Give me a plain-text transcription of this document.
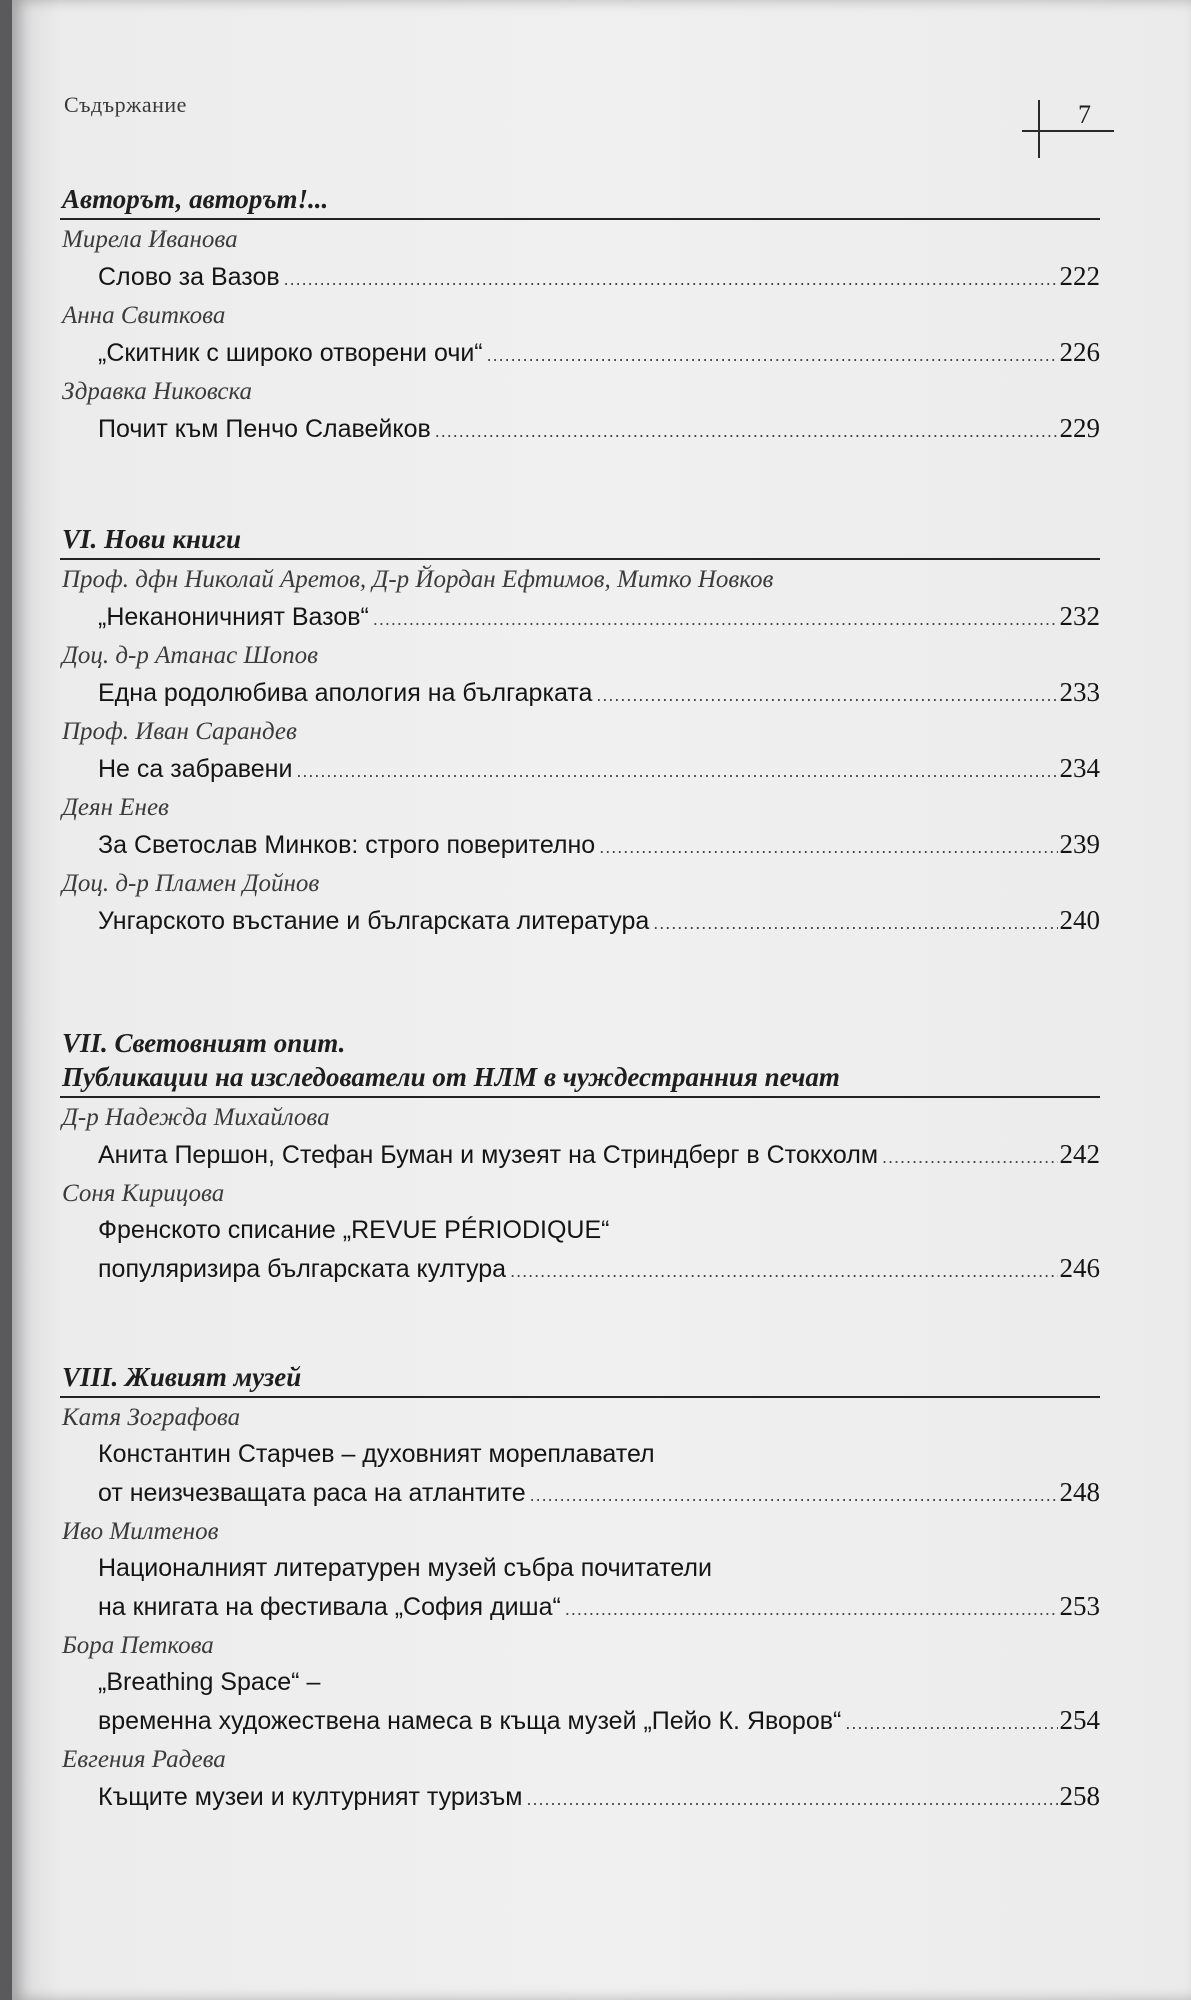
Съдържание	7
Авторът, авторът!...
Мирела Иванова
Слово за Вазов .....	222
Анна Свиткова
„Скитник с широко отворени очи“ .....	226
Здравка Никовска
Почит към Пенчо Славейков .....	229
VI. Нови книги
Проф. дфн Николай Аретов, Д-р Йордан Ефтимов, Митко Новков
„Неканоничният Вазов“ .....	232
Доц. д-р Атанас Шопов
Една родолюбива апология на българката .....	233
Проф. Иван Сарандев
Не са забравени .....	234
Деян Енев
За Светослав Минков: строго поверително .....	239
Доц. д-р Пламен Дойнов
Унгарското въстание и българската литература .....	240
VII. Световният опит.
Публикации на изследователи от НЛМ в чуждестранния печат
Д-р Надежда Михайлова
Анита Першон, Стефан Буман и музеят на Стриндберг в Стокхолм .....	242
Соня Кирицова
Френското списание „REVUE PÉRIODIQUE“
популяризира българската култура .....	246
VIII. Живият музей
Катя Зографова
Константин Старчев – духовният мореплавател
от неизчезващата раса на атлантите .....	248
Иво Милтенов
Националният литературен музей събра почитатели
на книгата на фестивала „София диша“ .....	253
Бора Петкова
„Breathing Space“ –
временна художествена намеса в къща музей „Пейо К. Яворов“ .....	254
Евгения Радева
Къщите музеи и културният туризъм .....	258
